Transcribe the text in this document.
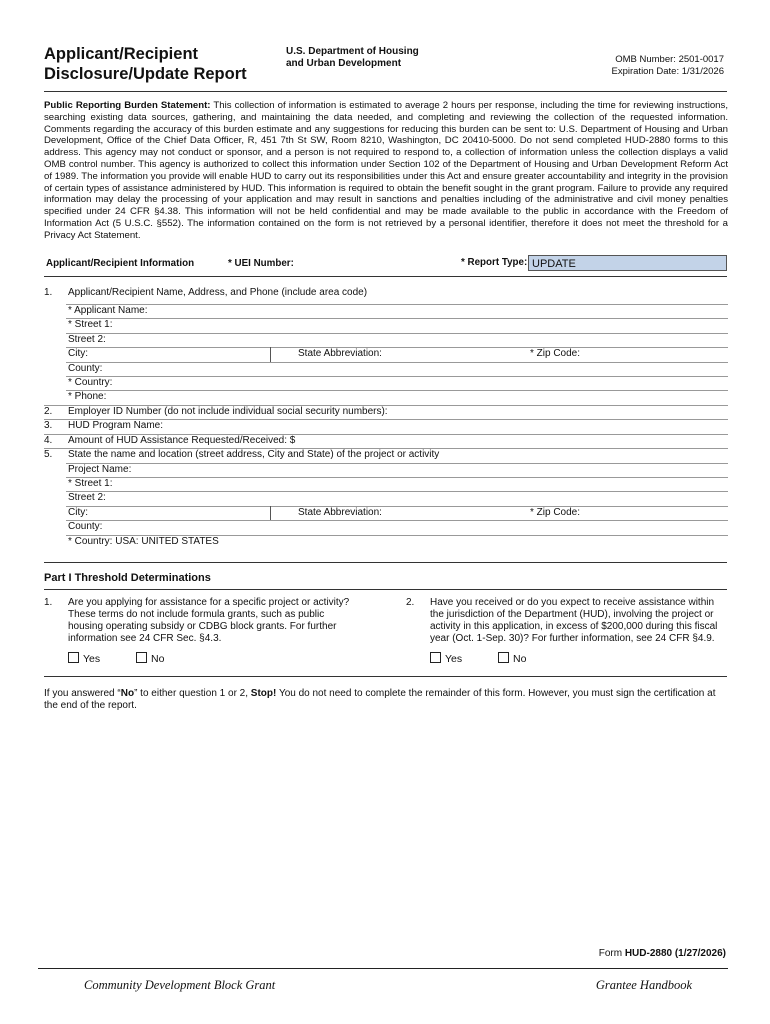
Applicant/Recipient
Disclosure/Update Report
U.S. Department of Housing
and Urban Development	OMB Number: 2501-0017
Expiration Date: 1/31/2026
Public Reporting Burden Statement: This collection of information is estimated to average 2 hours per response, including the time for reviewing instructions, searching existing data sources, gathering, and maintaining the data needed, and completing and reviewing the collection of the requested information. Comments regarding the accuracy of this burden estimate and any suggestions for reducing this burden can be sent to: U.S. Department of Housing and Urban Development, Office of the Chief Data Officer, R, 451 7th St SW, Room 8210, Washington, DC 20410-5000. Do not send completed HUD-2880 forms to this address. This agency may not conduct or sponsor, and a person is not required to respond to, a collection of information unless the collection displays a valid OMB control number. This agency is authorized to collect this information under Section 102 of the Department of Housing and Urban Development Reform Act of 1989. The information you provide will enable HUD to carry out its responsibilities under this Act and ensure greater accountability and integrity in the provision of certain types of assistance administered by HUD. This information is required to obtain the benefit sought in the grant program. Failure to provide any required information may delay the processing of your application and may result in sanctions and penalties including of the administrative and civil money penalties specified under 24 CFR §4.38. This information will not be held confidential and may be made available to the public in accordance with the Freedom of Information Act (5 U.S.C. §552). The information contained on the form is not retrieved by a personal identifier, therefore it does not meet the threshold for a Privacy Act Statement.
Applicant/Recipient Information	* UEI Number:	* Report Type: UPDATE
1. Applicant/Recipient Name, Address, and Phone (include area code)
* Applicant Name:
* Street 1:
Street 2:
City:	State Abbreviation:	* Zip Code:
County:
* Country:
* Phone:
2.	Employer ID Number (do not include individual social security numbers):
3.	HUD Program Name:
4.	Amount of HUD Assistance Requested/Received: $
5.	State the name and location (street address, City and State) of the project or activity
Project Name:
* Street 1:
Street 2:
City:	State Abbreviation:	* Zip Code:
County:
* Country: USA: UNITED STATES
Part I Threshold Determinations
1. Are you applying for assistance for a specific project or activity?
These terms do not include formula grants, such as public
housing operating subsidy or CDBG block grants. For further
information see 24 CFR Sec. §4.3.
Yes	No
2. Have you received or do you expect to receive assistance within
the jurisdiction of the Department (HUD), involving the project or
activity in this application, in excess of $200,000 during this fiscal
year (Oct. 1-Sep. 30)? For further information, see 24 CFR §4.9.
Yes	No
If you answered “No” to either question 1 or 2, Stop! You do not need to complete the remainder of this form. However, you must sign the certification at the end of the report.
Form HUD-2880 (1/27/2026)
Community Development Block Grant	Grantee Handbook
